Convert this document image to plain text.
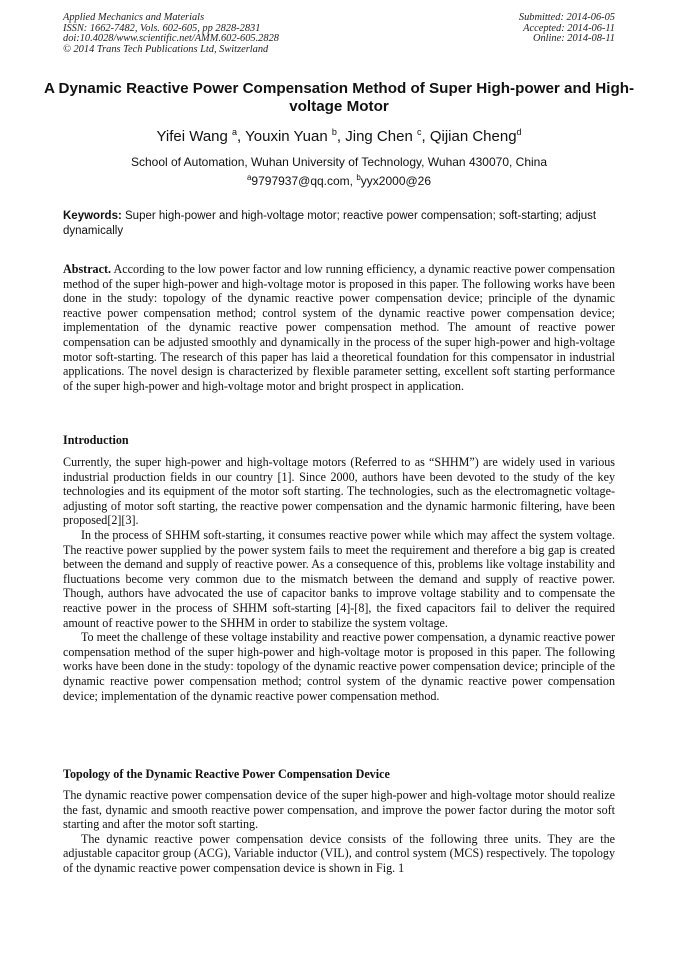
Applied Mechanics and Materials
ISSN: 1662-7482, Vols. 602-605, pp 2828-2831
doi:10.4028/www.scientific.net/AMM.602-605.2828
© 2014 Trans Tech Publications Ltd, Switzerland
Submitted: 2014-06-05
Accepted: 2014-06-11
Online: 2014-08-11
A Dynamic Reactive Power Compensation Method of Super High-power and High-voltage Motor
Yifei Wang $^a$, Youxin Yuan $^b$, Jing Chen $^c$, Qijian Cheng$^d$
School of Automation, Wuhan University of Technology, Wuhan 430070, China
$^a$9797937@qq.com, $^b$yyx2000@26
Keywords: Super high-power and high-voltage motor; reactive power compensation; soft-starting; adjust dynamically

Abstract. According to the low power factor and low running efficiency, a dynamic reactive power compensation method of the super high-power and high-voltage motor is proposed in this paper. The following works have been done in the study: topology of the dynamic reactive power compensation device; principle of the dynamic reactive power compensation method; control system of the dynamic reactive power compensation device; implementation of the dynamic reactive power compensation method. The amount of reactive power compensation can be adjusted smoothly and dynamically in the process of the super high-power and high-voltage motor soft-starting. The research of this paper has laid a theoretical foundation for this compensator in industrial applications. The novel design is characterized by flexible parameter setting, excellent soft starting performance of the super high-power and high-voltage motor and bright prospect in application.

Introduction

Currently, the super high-power and high-voltage motors (Referred to as “SHHM”) are widely used in various industrial production fields in our country [1]. Since 2000, authors have been devoted to the study of the key technologies and its equipment of the motor soft starting. The technologies, such as the electromagnetic voltage-adjusting of motor soft starting, the reactive power compensation and the dynamic harmonic filtering, have been proposed[2][3].

In the process of SHHM soft-starting, it consumes reactive power while which may affect the system voltage. The reactive power supplied by the power system fails to meet the requirement and therefore a big gap is created between the demand and supply of reactive power. As a consequence of this, problems like voltage instability and fluctuations become very common due to the mismatch between the demand and supply of reactive power. Though, authors have advocated the use of capacitor banks to improve voltage stability and to compensate the reactive power in the process of SHHM soft-starting [4]-[8], the fixed capacitors fail to deliver the required amount of reactive power to the SHHM in order to stabilize the system voltage.

To meet the challenge of these voltage instability and reactive power compensation, a dynamic reactive power compensation method of the super high-power and high-voltage motor is proposed in this paper. The following works have been done in the study: topology of the dynamic reactive power compensation device; principle of the dynamic reactive power compensation method; control system of the dynamic reactive power compensation device; implementation of the dynamic reactive power compensation method.

Topology of the Dynamic Reactive Power Compensation Device

The dynamic reactive power compensation device of the super high-power and high-voltage motor should realize the fast, dynamic and smooth reactive power compensation, and improve the power factor during the motor soft starting and after the motor soft starting.

The dynamic reactive power compensation device consists of the following three units. They are the adjustable capacitor group (ACG), Variable inductor (VIL), and control system (MCS) respectively. The topology of the dynamic reactive power compensation device is shown in Fig. 1
